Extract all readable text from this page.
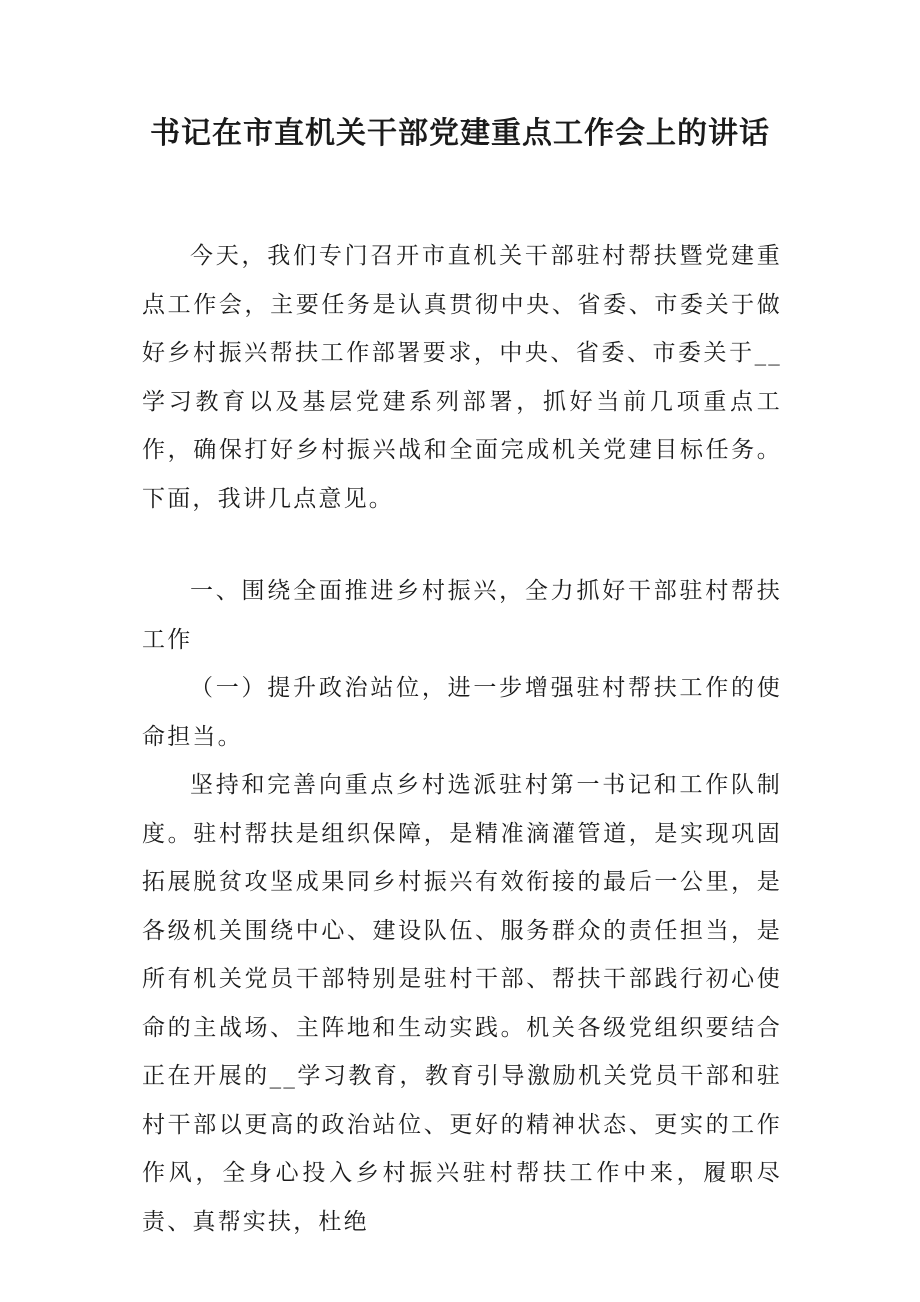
书记在市直机关干部党建重点工作会上的讲话

今天，我们专门召开市直机关干部驻村帮扶暨党建重点工作会，主要任务是认真贯彻中央、省委、市委关于做好乡村振兴帮扶工作部署要求，中央、省委、市委关于__学习教育以及基层党建系列部署，抓好当前几项重点工作，确保打好乡村振兴战和全面完成机关党建目标任务。下面，我讲几点意见。

一、围绕全面推进乡村振兴，全力抓好干部驻村帮扶工作

（一）提升政治站位，进一步增强驻村帮扶工作的使命担当。

坚持和完善向重点乡村选派驻村第一书记和工作队制度。驻村帮扶是组织保障，是精准滴灌管道，是实现巩固拓展脱贫攻坚成果同乡村振兴有效衔接的最后一公里，是各级机关围绕中心、建设队伍、服务群众的责任担当，是所有机关党员干部特别是驻村干部、帮扶干部践行初心使命的主战场、主阵地和生动实践。机关各级党组织要结合正在开展的__学习教育，教育引导激励机关党员干部和驻村干部以更高的政治站位、更好的精神状态、更实的工作作风，全身心投入乡村振兴驻村帮扶工作中来，履职尽责、真帮实扶，杜绝
